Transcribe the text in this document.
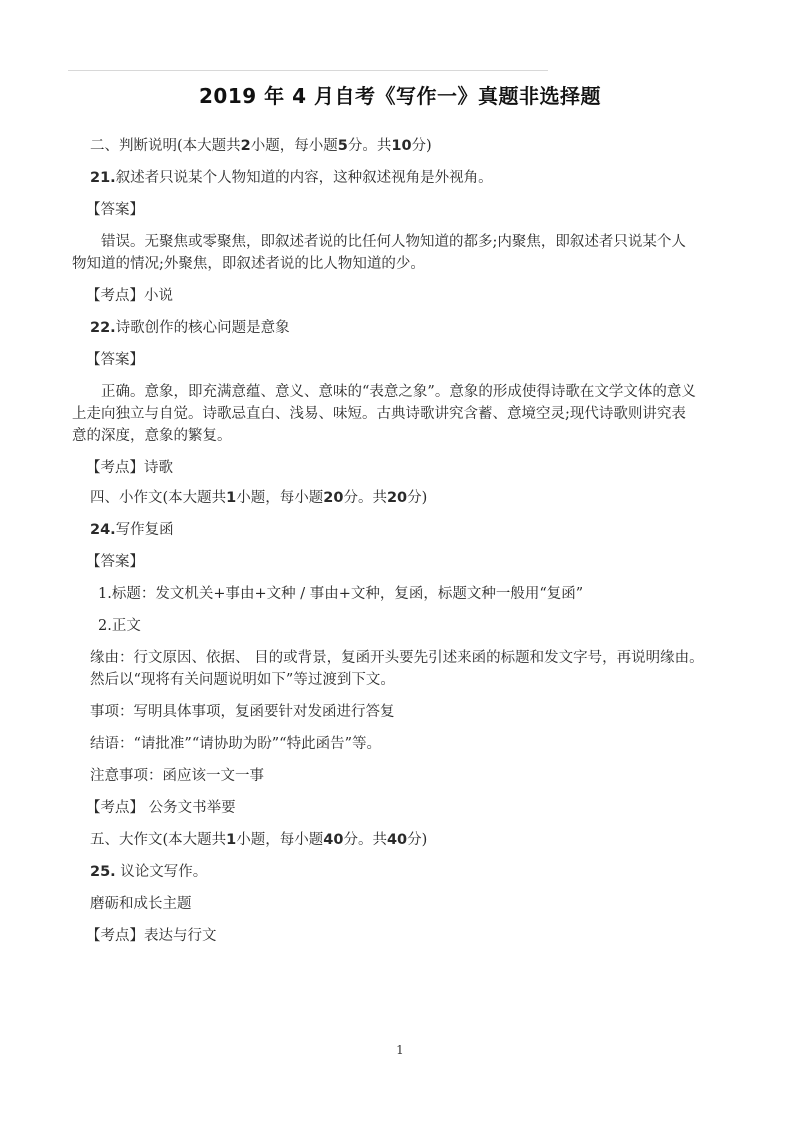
2019 年 4 月自考《写作一》真题非选择题

二、判断说明(本大题共2小题，每小题5分。共10分)

21.叙述者只说某个人物知道的内容，这种叙述视角是外视角。

【答案】

错误。无聚焦或零聚焦，即叙述者说的比任何人物知道的都多;内聚焦，即叙述者只说某个人物知道的情况;外聚焦，即叙述者说的比人物知道的少。

【考点】小说

22.诗歌创作的核心问题是意象

【答案】

正确。意象，即充满意蕴、意义、意味的“表意之象”。意象的形成使得诗歌在文学文体的意义上走向独立与自觉。诗歌忌直白、浅易、味短。古典诗歌讲究含蓄、意境空灵;现代诗歌则讲究表意的深度，意象的繁复。

【考点】诗歌

四、小作文(本大题共1小题，每小题20分。共20分)

24.写作复函

【答案】

1.标题：发文机关+事由+文种 / 事由+文种，复函，标题文种一般用“复函”

2.正文

缘由：行文原因、依据、 目的或背景，复函开头要先引述来函的标题和发文字号，再说明缘由。 然后以“现将有关问题说明如下”等过渡到下文。

事项：写明具体事项，复函要针对发函进行答复

结语：“请批准”“请协助为盼”“特此函告”等。

注意事项：函应该一文一事

【考点】 公务文书举要

五、大作文(本大题共1小题，每小题40分。共40分)

25. 议论文写作。

磨砺和成长主题

【考点】表达与行文

1
